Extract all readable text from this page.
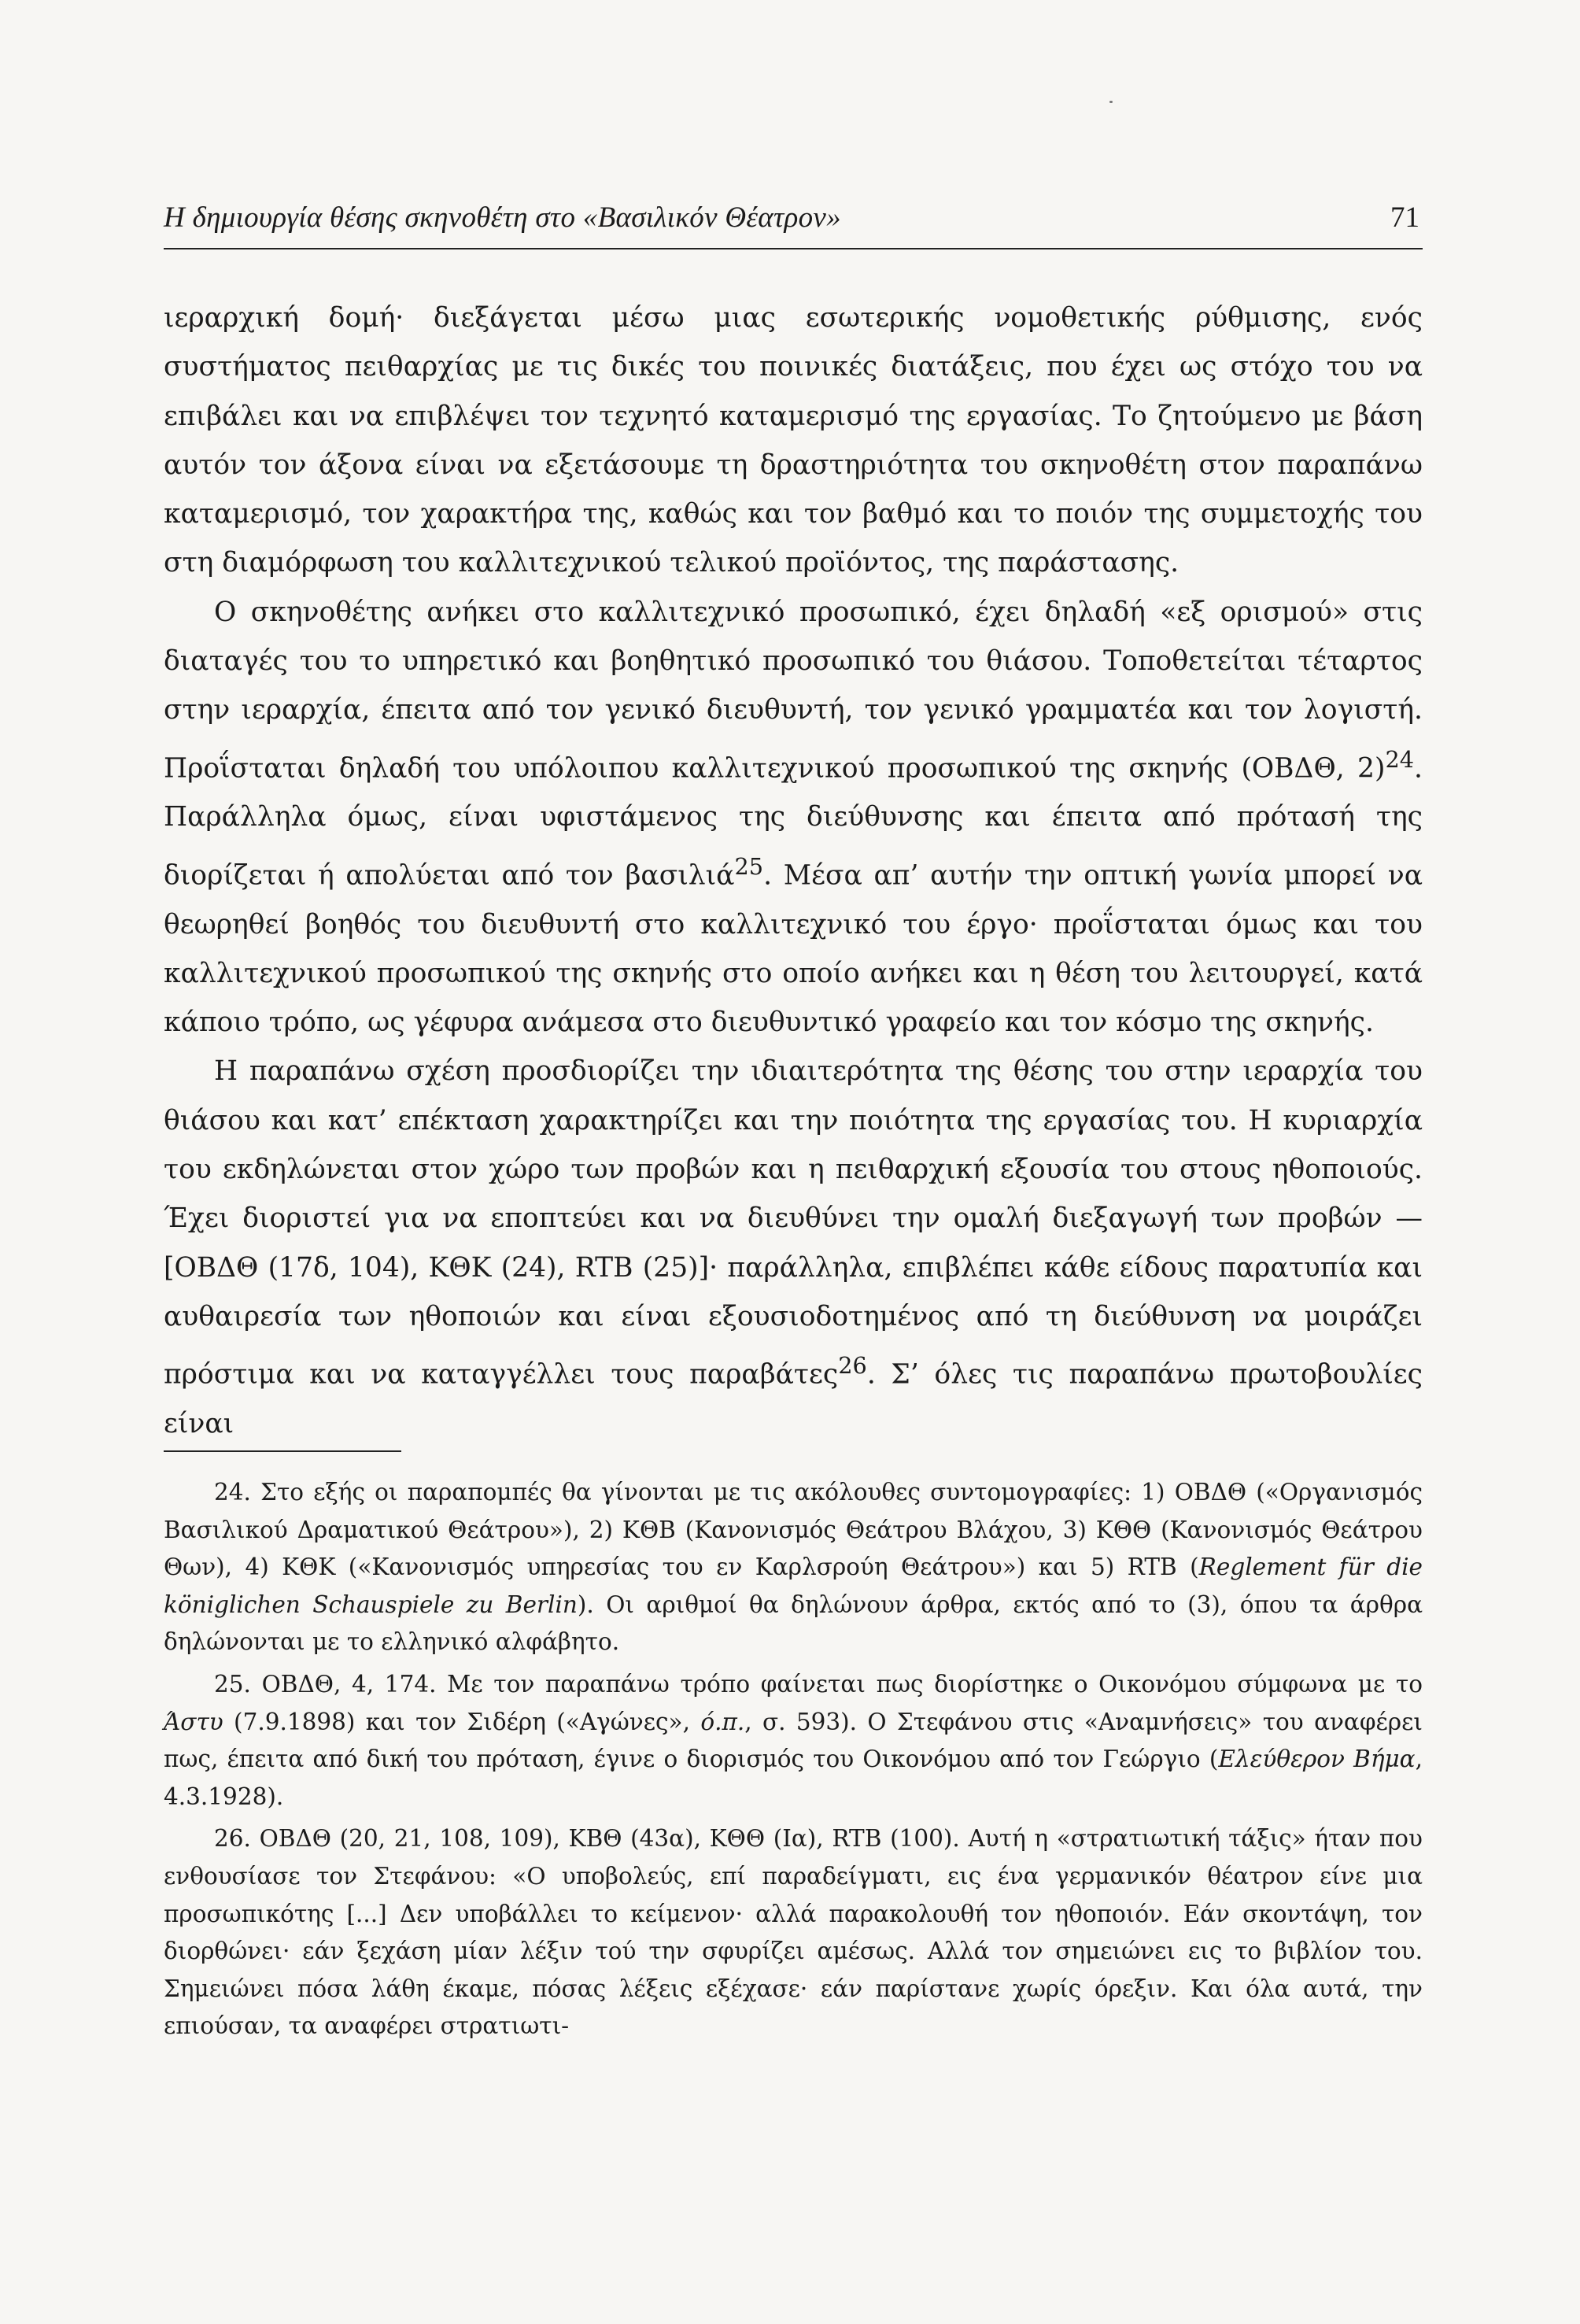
Η δημιουργία θέσης σκηνοθέτη στο «Βασιλικόν Θέατρον»	71

ιεραρχική δομή· διεξάγεται μέσω μιας εσωτερικής νομοθετικής ρύθμισης, ενός συστήματος πειθαρχίας με τις δικές του ποινικές διατάξεις, που έχει ως στόχο του να επιβάλει και να επιβλέψει τον τεχνητό καταμερισμό της εργασίας. Το ζητούμενο με βάση αυτόν τον άξονα είναι να εξετάσουμε τη δραστηριότητα του σκηνοθέτη στον παραπάνω καταμερισμό, τον χαρακτήρα της, καθώς και τον βαθμό και το ποιόν της συμμετοχής του στη διαμόρφωση του καλλιτεχνικού τελικού προϊόντος, της παράστασης.

Ο σκηνοθέτης ανήκει στο καλλιτεχνικό προσωπικό, έχει δηλαδή «εξ ορισμού» στις διαταγές του το υπηρετικό και βοηθητικό προσωπικό του θιάσου. Τοποθετείται τέταρτος στην ιεραρχία, έπειτα από τον γενικό διευθυντή, τον γενικό γραμματέα και τον λογιστή. Προΐσταται δηλαδή του υπόλοιπου καλλιτεχνικού προσωπικού της σκηνής (ΟΒΔΘ, 2)$^{24}$. Παράλληλα όμως, είναι υφιστάμενος της διεύθυνσης και έπειτα από πρότασή της διορίζεται ή απολύεται από τον βασιλιά$^{25}$. Μέσα απ’ αυτήν την οπτική γωνία μπορεί να θεωρηθεί βοηθός του διευθυντή στο καλλιτεχνικό του έργο· προΐσταται όμως και του καλλιτεχνικού προσωπικού της σκηνής στο οποίο ανήκει και η θέση του λειτουργεί, κατά κάποιο τρόπο, ως γέφυρα ανάμεσα στο διευθυντικό γραφείο και τον κόσμο της σκηνής.

Η παραπάνω σχέση προσδιορίζει την ιδιαιτερότητα της θέσης του στην ιεραρχία του θιάσου και κατ’ επέκταση χαρακτηρίζει και την ποιότητα της εργασίας του. Η κυριαρχία του εκδηλώνεται στον χώρο των προβών και η πειθαρχική εξουσία του στους ηθοποιούς. Έχει διοριστεί για να εποπτεύει και να διευθύνει την ομαλή διεξαγωγή των προβών — [ΟΒΔΘ (17δ, 104), ΚΘΚ (24), RTB (25)]· παράλληλα, επιβλέπει κάθε είδους παρατυπία και αυθαιρεσία των ηθοποιών και είναι εξουσιοδοτημένος από τη διεύθυνση να μοιράζει πρόστιμα και να καταγγέλλει τους παραβάτες$^{26}$. Σ’ όλες τις παραπάνω πρωτοβουλίες είναι

24. Στο εξής οι παραπομπές θα γίνονται με τις ακόλουθες συντομογραφίες: 1) ΟΒΔΘ («Οργανισμός Βασιλικού Δραματικού Θεάτρου»), 2) ΚΘΒ (Κανονισμός Θεάτρου Βλάχου, 3) ΚΘΘ (Κανονισμός Θεάτρου Θων), 4) ΚΘΚ («Κανονισμός υπηρεσίας του εν Καρλσρούη Θεάτρου») και 5) RTB (Reglement für die königlichen Schauspiele zu Berlin). Οι αριθμοί θα δηλώνουν άρθρα, εκτός από το (3), όπου τα άρθρα δηλώνονται με το ελληνικό αλφάβητο.

25. ΟΒΔΘ, 4, 174. Με τον παραπάνω τρόπο φαίνεται πως διορίστηκε ο Οικονόμου σύμφωνα με το Άστυ (7.9.1898) και τον Σιδέρη («Αγώνες», ό.π., σ. 593). Ο Στεφάνου στις «Αναμνήσεις» του αναφέρει πως, έπειτα από δική του πρόταση, έγινε ο διορισμός του Οικονόμου από τον Γεώργιο (Ελεύθερον Βήμα, 4.3.1928).

26. ΟΒΔΘ (20, 21, 108, 109), ΚΒΘ (43α), ΚΘΘ (Ια), RTB (100). Αυτή η «στρατιωτική τάξις» ήταν που ενθουσίασε τον Στεφάνου: «Ο υποβολεύς, επί παραδείγματι, εις ένα γερμανικόν θέατρον είνε μια προσωπικότης [...] Δεν υποβάλλει το κείμενον· αλλά παρακολουθή τον ηθοποιόν. Εάν σκοντάψη, τον διορθώνει· εάν ξεχάση μίαν λέξιν τού την σφυρίζει αμέσως. Αλλά τον σημειώνει εις το βιβλίον του. Σημειώνει πόσα λάθη έκαμε, πόσας λέξεις εξέχασε· εάν παρίστανε χωρίς όρεξιν. Και όλα αυτά, την επιούσαν, τα αναφέρει στρατιωτι-
